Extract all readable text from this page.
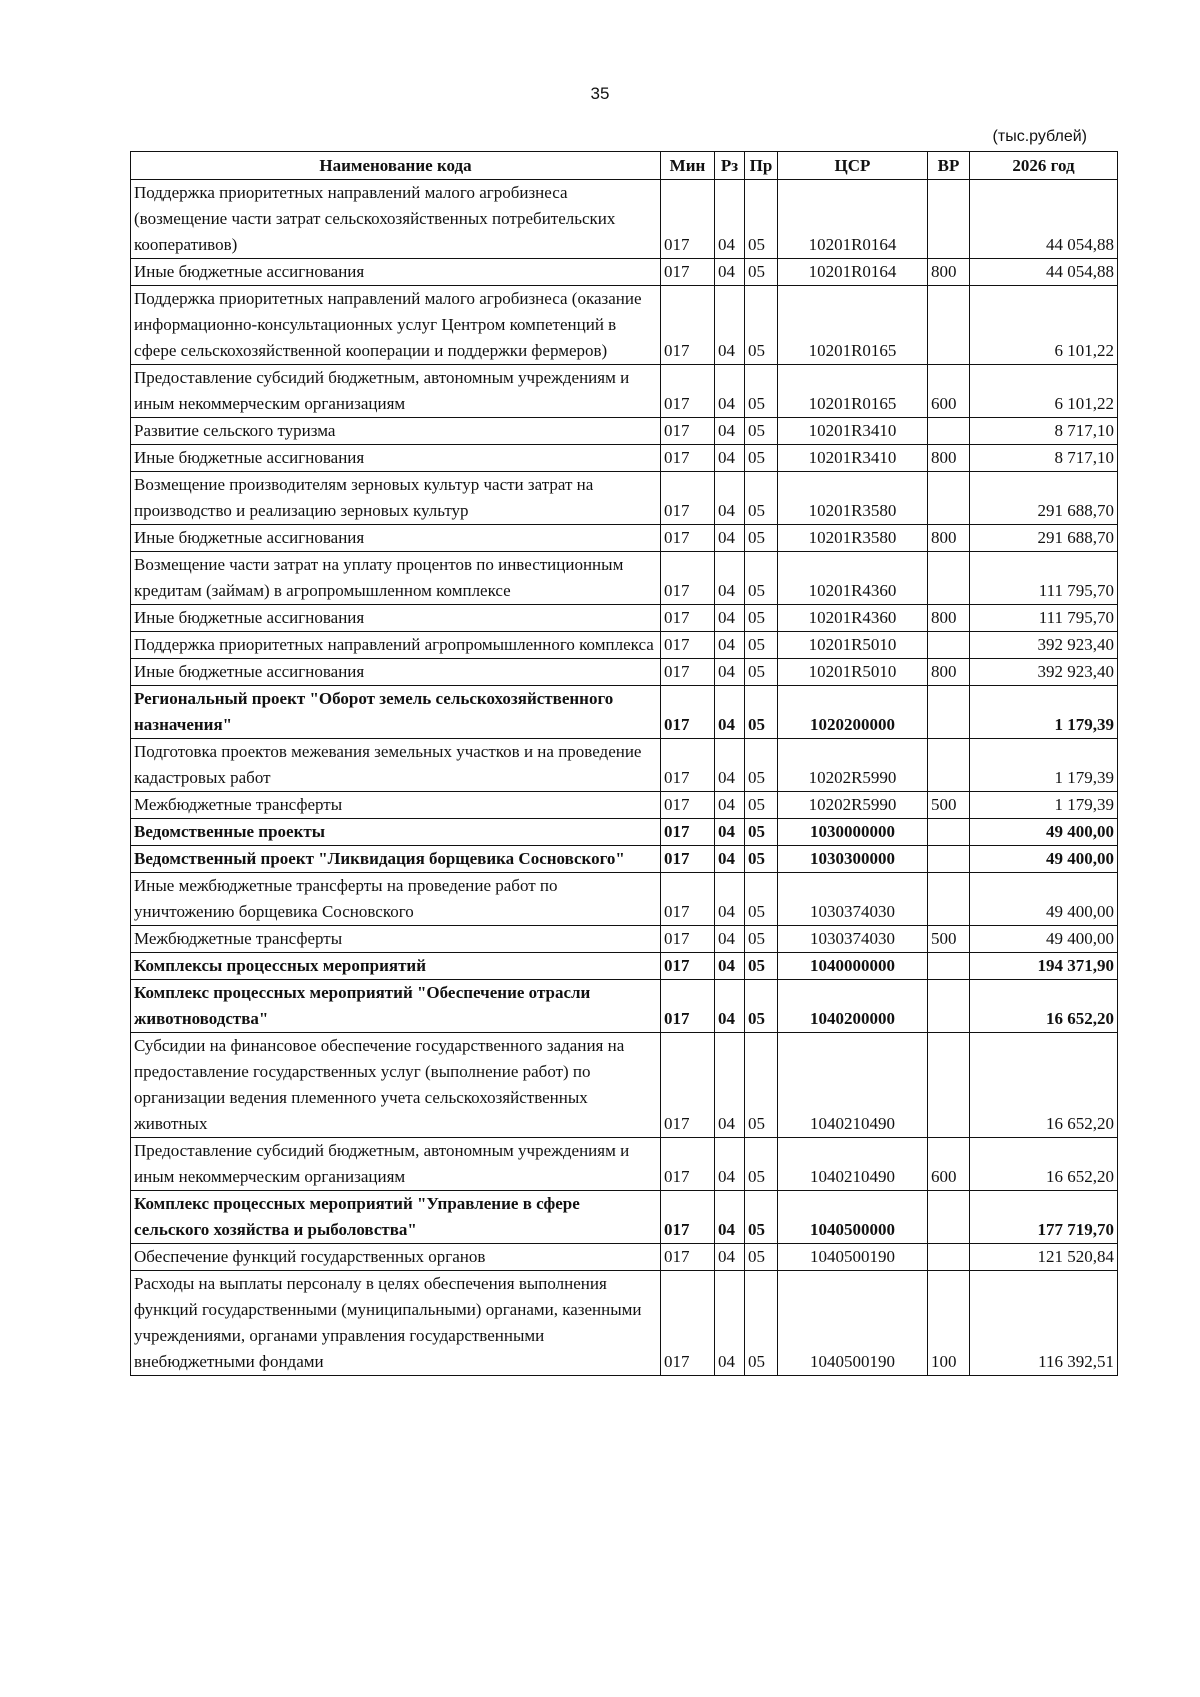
35
(тыс.рублей)
Наименование кода	Мин	Рз	Пр	ЦСР	ВР	2026 год
Поддержка приоритетных направлений малого агробизнеса (возмещение части затрат сельскохозяйственных потребительских кооперативов)	017	04	05	10201R0164		44 054,88
Иные бюджетные ассигнования	017	04	05	10201R0164	800	44 054,88
Поддержка приоритетных направлений малого агробизнеса (оказание информационно-консультационных услуг Центром компетенций в сфере сельскохозяйственной кооперации и поддержки фермеров)	017	04	05	10201R0165		6 101,22
Предоставление субсидий бюджетным, автономным учреждениям и иным некоммерческим организациям	017	04	05	10201R0165	600	6 101,22
Развитие сельского туризма	017	04	05	10201R3410		8 717,10
Иные бюджетные ассигнования	017	04	05	10201R3410	800	8 717,10
Возмещение производителям зерновых культур части затрат на производство и реализацию зерновых культур	017	04	05	10201R3580		291 688,70
Иные бюджетные ассигнования	017	04	05	10201R3580	800	291 688,70
Возмещение части затрат на уплату процентов по инвестиционным кредитам (займам) в агропромышленном комплексе	017	04	05	10201R4360		111 795,70
Иные бюджетные ассигнования	017	04	05	10201R4360	800	111 795,70
Поддержка приоритетных направлений агропромышленного комплекса	017	04	05	10201R5010		392 923,40
Иные бюджетные ассигнования	017	04	05	10201R5010	800	392 923,40
Региональный проект "Оборот земель сельскохозяйственного назначения"	017	04	05	1020200000		1 179,39
Подготовка проектов межевания земельных участков и на проведение кадастровых работ	017	04	05	10202R5990		1 179,39
Межбюджетные трансферты	017	04	05	10202R5990	500	1 179,39
Ведомственные проекты	017	04	05	1030000000		49 400,00
Ведомственный проект "Ликвидация борщевика Сосновского"	017	04	05	1030300000		49 400,00
Иные межбюджетные трансферты на проведение работ по уничтожению борщевика Сосновского	017	04	05	1030374030		49 400,00
Межбюджетные трансферты	017	04	05	1030374030	500	49 400,00
Комплексы процессных мероприятий	017	04	05	1040000000		194 371,90
Комплекс процессных мероприятий "Обеспечение отрасли животноводства"	017	04	05	1040200000		16 652,20
Субсидии на финансовое обеспечение государственного задания на предоставление государственных услуг (выполнение работ) по организации ведения племенного учета сельскохозяйственных животных	017	04	05	1040210490		16 652,20
Предоставление субсидий бюджетным, автономным учреждениям и иным некоммерческим организациям	017	04	05	1040210490	600	16 652,20
Комплекс процессных мероприятий "Управление в сфере сельского хозяйства и рыболовства"	017	04	05	1040500000		177 719,70
Обеспечение функций государственных органов	017	04	05	1040500190		121 520,84
Расходы на выплаты персоналу в целях обеспечения выполнения функций государственными (муниципальными) органами, казенными учреждениями, органами управления государственными внебюджетными фондами	017	04	05	1040500190	100	116 392,51
